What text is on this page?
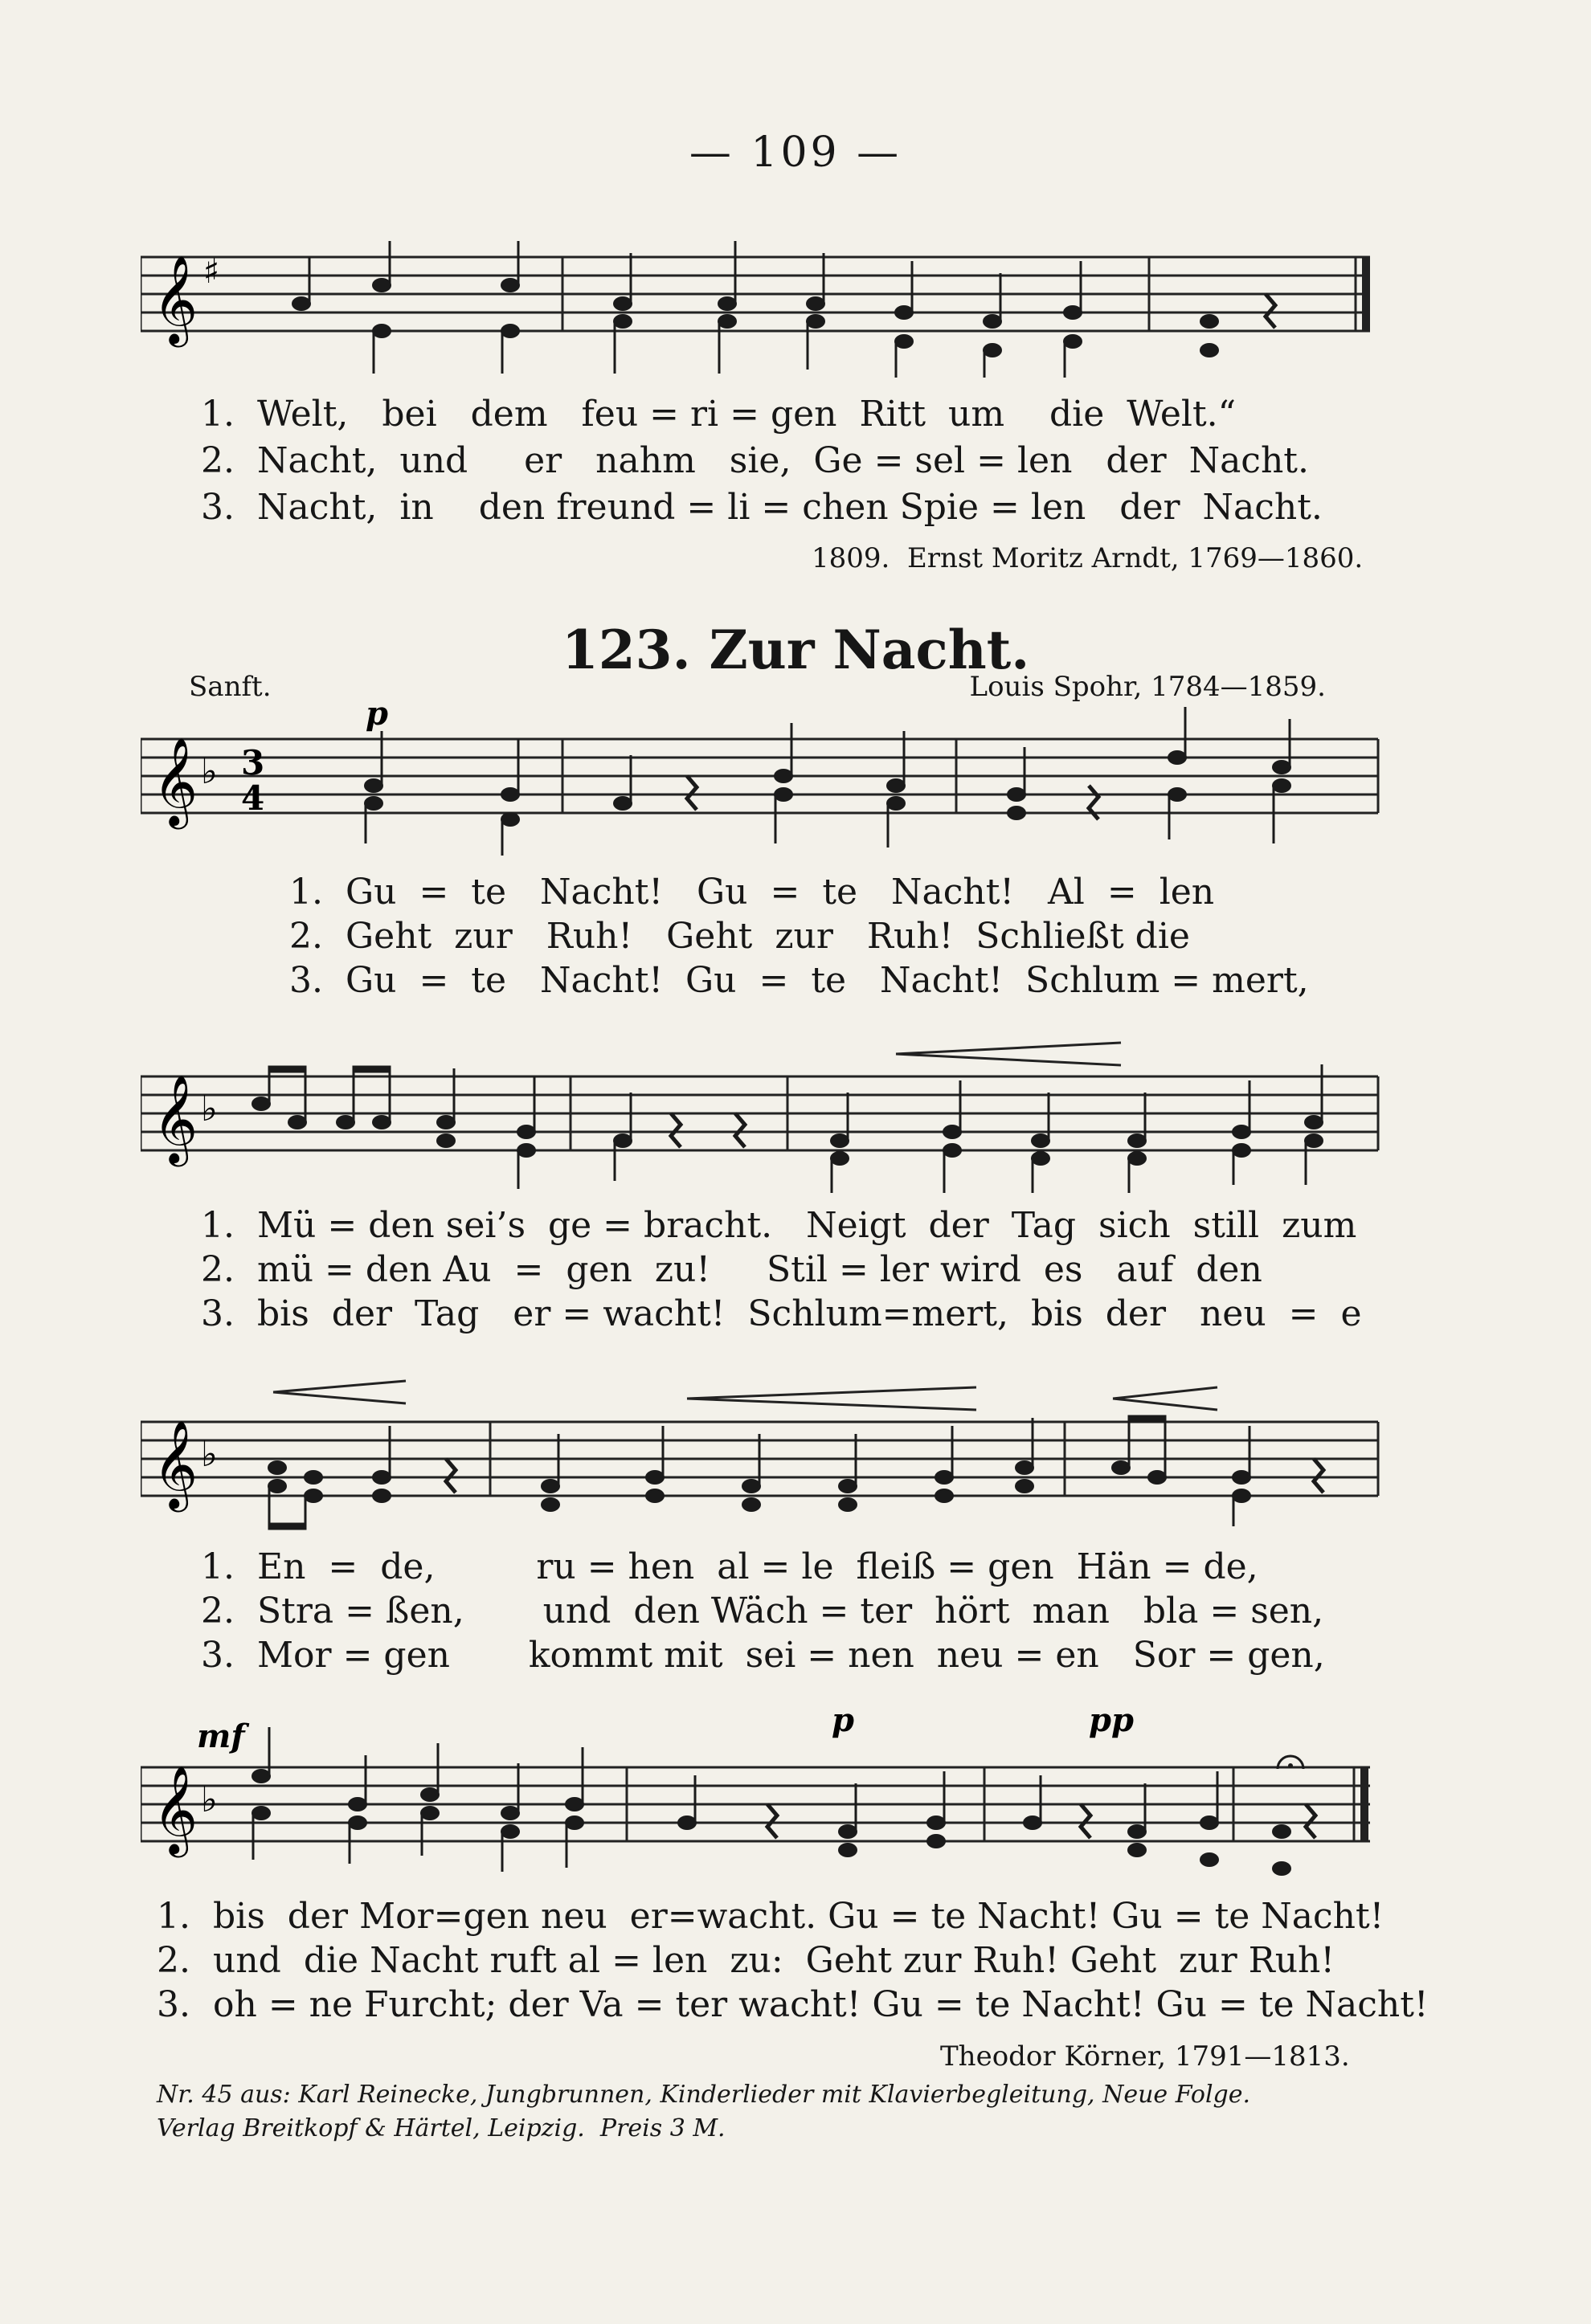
— 109 —
𝄞 ♯
1. Welt,   bei   dem   feu = ri = gen  Ritt  um    die  Welt.“
2. Nacht,  und     er   nahm   sie,  Ge = sel = len   der  Nacht.
3. Nacht,  in    den freund = li = chen Spie = len   der  Nacht.
1809.  Ernst Moritz Arndt, 1769—1860.
123. Zur Nacht.
Sanft.	Louis Spohr, 1784—1859.
p
𝄞 ♭ 3
4
1. Gu  =  te   Nacht!   Gu  =  te   Nacht!   Al  =  len
2. Geht  zur   Ruh!   Geht  zur   Ruh!  Schließt die
3. Gu  =  te   Nacht!  Gu  =  te   Nacht!  Schlum = mert,
𝄞 ♭
1. Mü = den sei’s  ge = bracht.   Neigt  der  Tag  sich  still  zum
2. mü = den Au  =  gen  zu!     Stil = ler wird  es   auf  den
3. bis  der  Tag   er = wacht!  Schlum=mert,  bis  der   neu  =  e
𝄞 ♭
1. En  =  de,         ru = hen  al = le  fleiß = gen  Hän = de,
2. Stra = ßen,       und  den Wäch = ter  hört  man   bla = sen,
3. Mor = gen       kommt mit  sei = nen  neu = en   Sor = gen,
mf	p	pp
𝄞 ♭
1. bis  der Mor=gen neu  er=wacht. Gu = te Nacht! Gu = te Nacht!
2. und  die Nacht ruft al = len  zu:  Geht zur Ruh! Geht  zur Ruh!
3. oh = ne Furcht; der Va = ter wacht! Gu = te Nacht! Gu = te Nacht!
Theodor Körner, 1791—1813.
Nr. 45 aus: Karl Reinecke, Jungbrunnen, Kinderlieder mit Klavierbegleitung, Neue Folge.
Verlag Breitkopf & Härtel, Leipzig.  Preis 3 M.
